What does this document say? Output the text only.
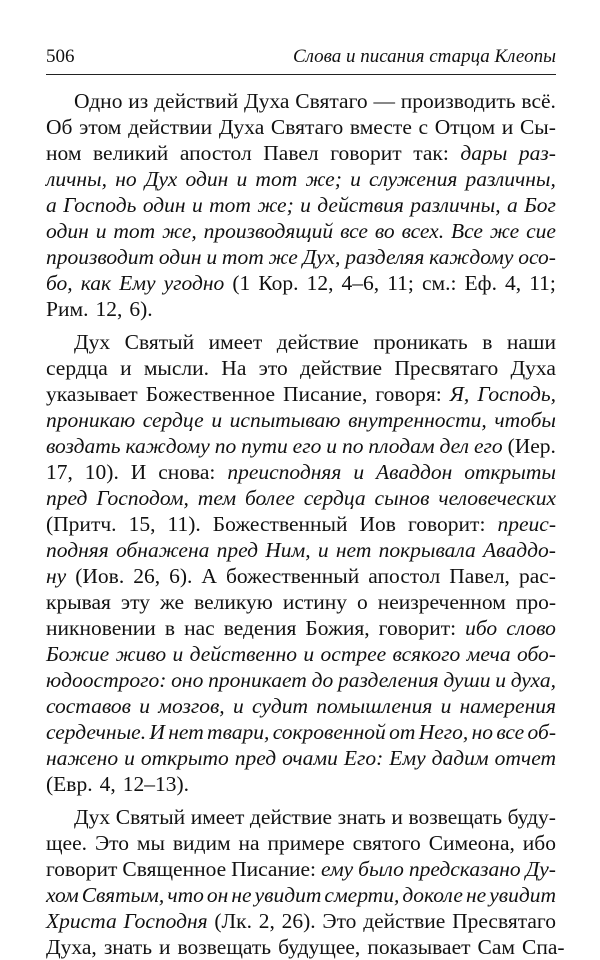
506	Слова и писания старца Клеопы
Одно из действий Духа Святаго — производить всё.
Об этом действии Духа Святаго вместе с Отцом и Сы-
ном великий апостол Павел говорит так: дары раз-
личны, но Дух один и тот же; и служения различны,
а Господь один и тот же; и действия различны, а Бог
один и тот же, производящий все во всех. Все же сие
производит один и тот же Дух, разделяя каждому осо-
бо, как Ему угодно (1 Кор. 12, 4–6, 11; см.: Еф. 4, 11;
Рим. 12, 6).
Дух Святый имеет действие проникать в наши
сердца и мысли. На это действие Пресвятаго Духа
указывает Божественное Писание, говоря: Я, Господь,
проникаю сердце и испытываю внутренности, чтобы
воздать каждому по пути его и по плодам дел его (Иер.
17, 10). И снова: преисподняя и Аваддон открыты
пред Господом, тем более сердца сынов человеческих
(Притч. 15, 11). Божественный Иов говорит: преис-
подняя обнажена пред Ним, и нет покрывала Авaддо-
ну (Иов. 26, 6). А божественный апостол Павел, рас-
крывая эту же великую истину о неизреченном про-
никновении в нас ведения Божия, говорит: ибо слово
Божие живо и действенно и острее всякого меча обо-
юдоострого: оно проникает до разделения души и духа,
составов и мозгов, и судит помышления и намерения
сердечные. И нет твари, сокровенной от Него, но все об-
нажено и открыто пред очами Его: Ему дадим отчет
(Евр. 4, 12–13).
Дух Святый имеет действие знать и возвещать буду-
щее. Это мы видим на примере святого Симеона, ибо
говорит Священное Писание: ему было предсказано Ду-
хом Святым, что он не увидит смерти, доколе не увидит
Христа Господня (Лк. 2, 26). Это действие Пресвятаго
Духа, знать и возвещать будущее, показывает Сам Спа-
